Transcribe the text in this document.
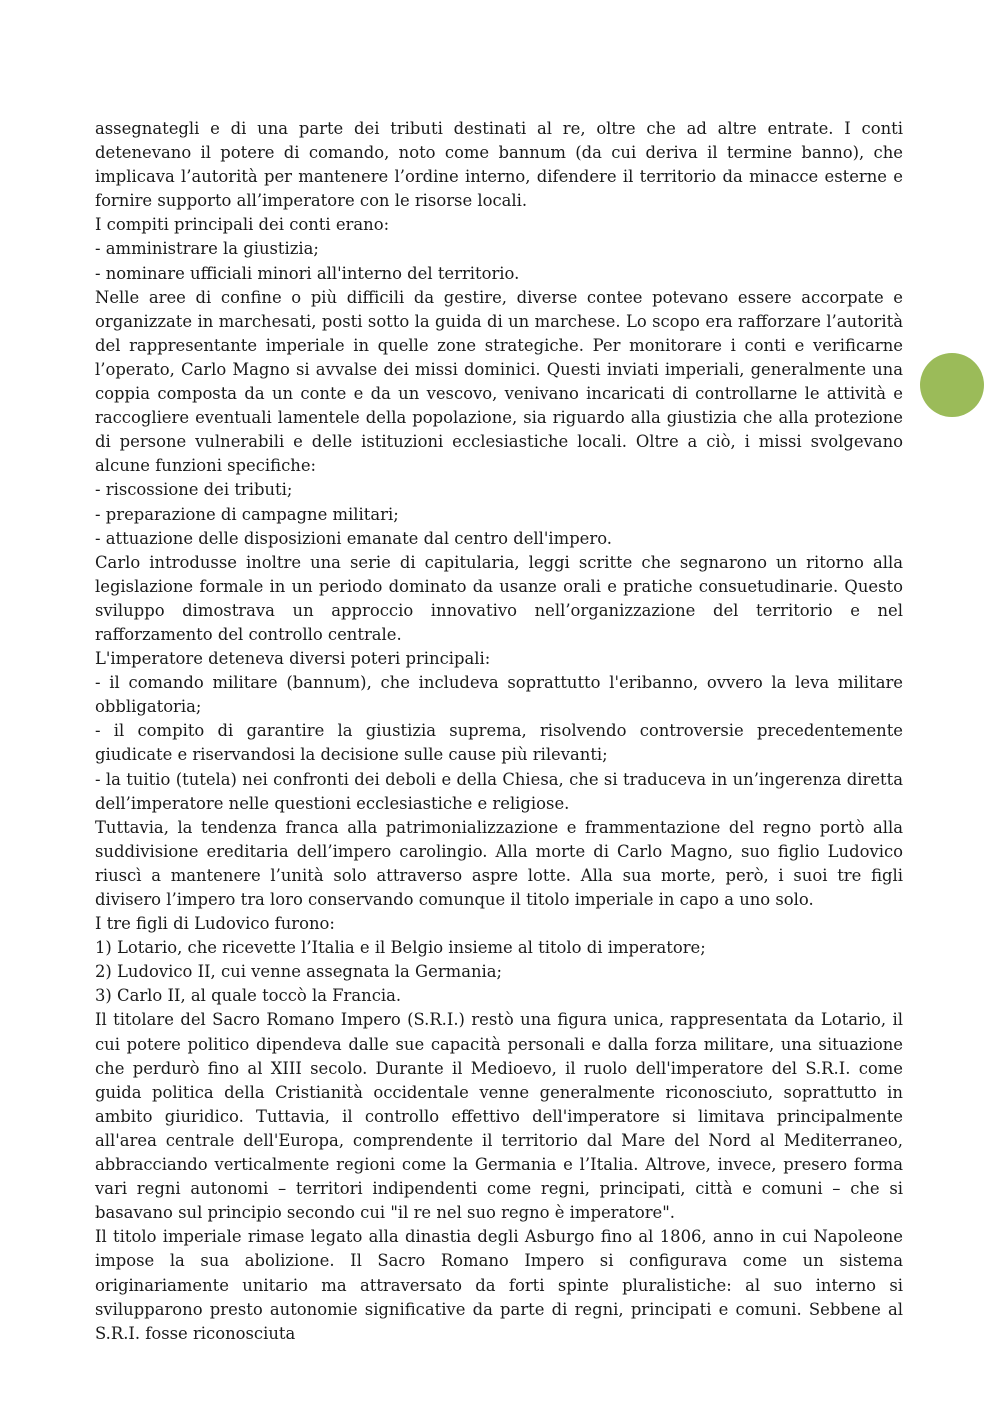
assegnategli e di una parte dei tributi destinati al re, oltre che ad altre entrate. I conti detenevano il potere di comando, noto come bannum (da cui deriva il termine banno), che implicava l’autorità per mantenere l’ordine interno, difendere il territorio da minacce esterne e fornire supporto all’imperatore con le risorse locali.

I compiti principali dei conti erano:

- amministrare la giustizia;

- nominare ufficiali minori all'interno del territorio.

Nelle aree di confine o più difficili da gestire, diverse contee potevano essere accorpate e organizzate in marchesati, posti sotto la guida di un marchese. Lo scopo era rafforzare l’autorità del rappresentante imperiale in quelle zone strategiche. Per monitorare i conti e verificarne l’operato, Carlo Magno si avvalse dei missi dominici. Questi inviati imperiali, generalmente una coppia composta da un conte e da un vescovo, venivano incaricati di controllarne le attività e raccogliere eventuali lamentele della popolazione, sia riguardo alla giustizia che alla protezione di persone vulnerabili e delle istituzioni ecclesiastiche locali. Oltre a ciò, i missi svolgevano alcune funzioni specifiche:

- riscossione dei tributi;

- preparazione di campagne militari;

- attuazione delle disposizioni emanate dal centro dell'impero.

Carlo introdusse inoltre una serie di capitularia, leggi scritte che segnarono un ritorno alla legislazione formale in un periodo dominato da usanze orali e pratiche consuetudinarie. Questo sviluppo dimostrava un approccio innovativo nell’organizzazione del territorio e nel rafforzamento del controllo centrale.

L'imperatore deteneva diversi poteri principali:

- il comando militare (bannum), che includeva soprattutto l'eribanno, ovvero la leva militare obbligatoria;

- il compito di garantire la giustizia suprema, risolvendo controversie precedentemente giudicate e riservandosi la decisione sulle cause più rilevanti;

- la tuitio (tutela) nei confronti dei deboli e della Chiesa, che si traduceva in un’ingerenza diretta dell’imperatore nelle questioni ecclesiastiche e religiose.

Tuttavia, la tendenza franca alla patrimonializzazione e frammentazione del regno portò alla suddivisione ereditaria dell’impero carolingio. Alla morte di Carlo Magno, suo figlio Ludovico riuscì a mantenere l’unità solo attraverso aspre lotte. Alla sua morte, però, i suoi tre figli divisero l’impero tra loro conservando comunque il titolo imperiale in capo a uno solo.

I tre figli di Ludovico furono:

1) Lotario, che ricevette l’Italia e il Belgio insieme al titolo di imperatore;

2) Ludovico II, cui venne assegnata la Germania;

3) Carlo II, al quale toccò la Francia.

Il titolare del Sacro Romano Impero (S.R.I.) restò una figura unica, rappresentata da Lotario, il cui potere politico dipendeva dalle sue capacità personali e dalla forza militare, una situazione che perdurò fino al XIII secolo. Durante il Medioevo, il ruolo dell'imperatore del S.R.I. come guida politica della Cristianità occidentale venne generalmente riconosciuto, soprattutto in ambito giuridico. Tuttavia, il controllo effettivo dell'imperatore si limitava principalmente all'area centrale dell'Europa, comprendente il territorio dal Mare del Nord al Mediterraneo, abbracciando verticalmente regioni come la Germania e l’Italia. Altrove, invece, presero forma vari regni autonomi – territori indipendenti come regni, principati, città e comuni – che si basavano sul principio secondo cui "il re nel suo regno è imperatore".

Il titolo imperiale rimase legato alla dinastia degli Asburgo fino al 1806, anno in cui Napoleone impose la sua abolizione. Il Sacro Romano Impero si configurava come un sistema originariamente unitario ma attraversato da forti spinte pluralistiche: al suo interno si svilupparono presto autonomie significative da parte di regni, principati e comuni. Sebbene al S.R.I. fosse riconosciuta
